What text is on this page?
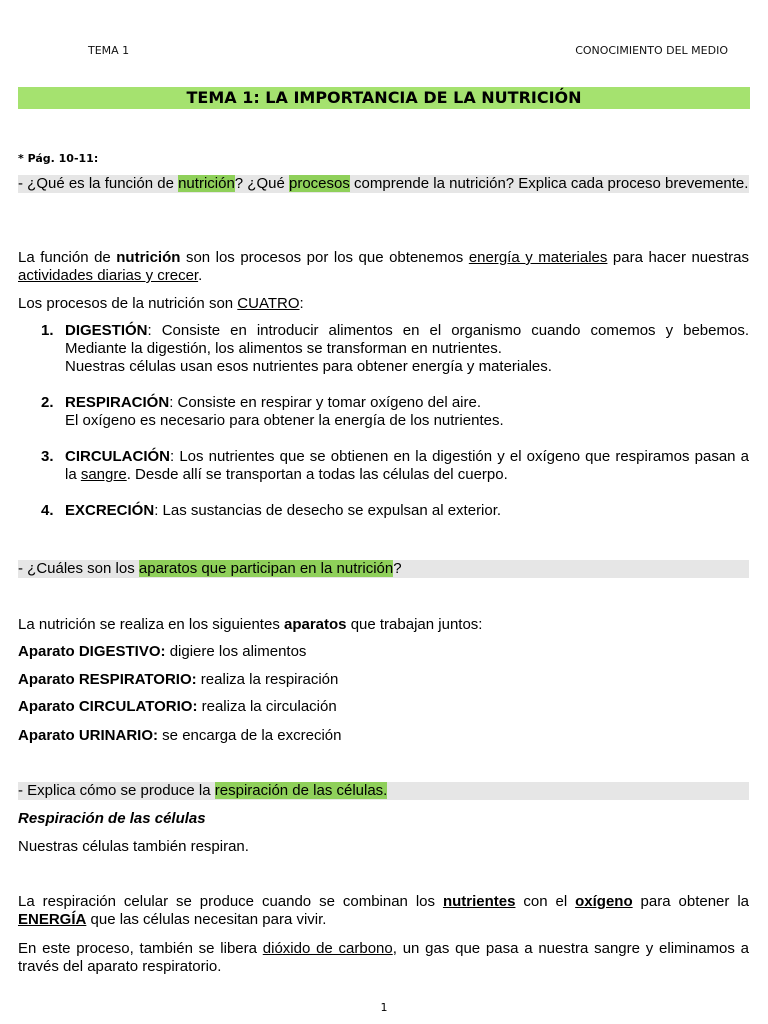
TEMA 1	CONOCIMIENTO DEL MEDIO
TEMA 1: LA IMPORTANCIA DE LA NUTRICIÓN
* Pág. 10-11:
- ¿Qué es la función de nutrición? ¿Qué procesos comprende la nutrición? Explica cada proceso brevemente.
La función de nutrición son los procesos por los que obtenemos energía y materiales para hacer nuestras actividades diarias y crecer.
Los procesos de la nutrición son CUATRO:
1. DIGESTIÓN: Consiste en introducir alimentos en el organismo cuando comemos y bebemos. Mediante la digestión, los alimentos se transforman en nutrientes.
Nuestras células usan esos nutrientes para obtener energía y materiales.
2. RESPIRACIÓN: Consiste en respirar y tomar oxígeno del aire.
El oxígeno es necesario para obtener la energía de los nutrientes.
3. CIRCULACIÓN: Los nutrientes que se obtienen en la digestión y el oxígeno que respiramos pasan a la sangre. Desde allí se transportan a todas las células del cuerpo.
4. EXCRECIÓN: Las sustancias de desecho se expulsan al exterior.
- ¿Cuáles son los aparatos que participan en la nutrición?
La nutrición se realiza en los siguientes aparatos que trabajan juntos:
Aparato DIGESTIVO: digiere los alimentos
Aparato RESPIRATORIO: realiza la respiración
Aparato CIRCULATORIO: realiza la circulación
Aparato URINARIO: se encarga de la excreción
- Explica cómo se produce la respiración de las células.
Respiración de las células
Nuestras células también respiran.
La respiración celular se produce cuando se combinan los nutrientes con el oxígeno para obtener la ENERGÍA que las células necesitan para vivir.
En este proceso, también se libera dióxido de carbono, un gas que pasa a nuestra sangre y eliminamos a través del aparato respiratorio.
1
